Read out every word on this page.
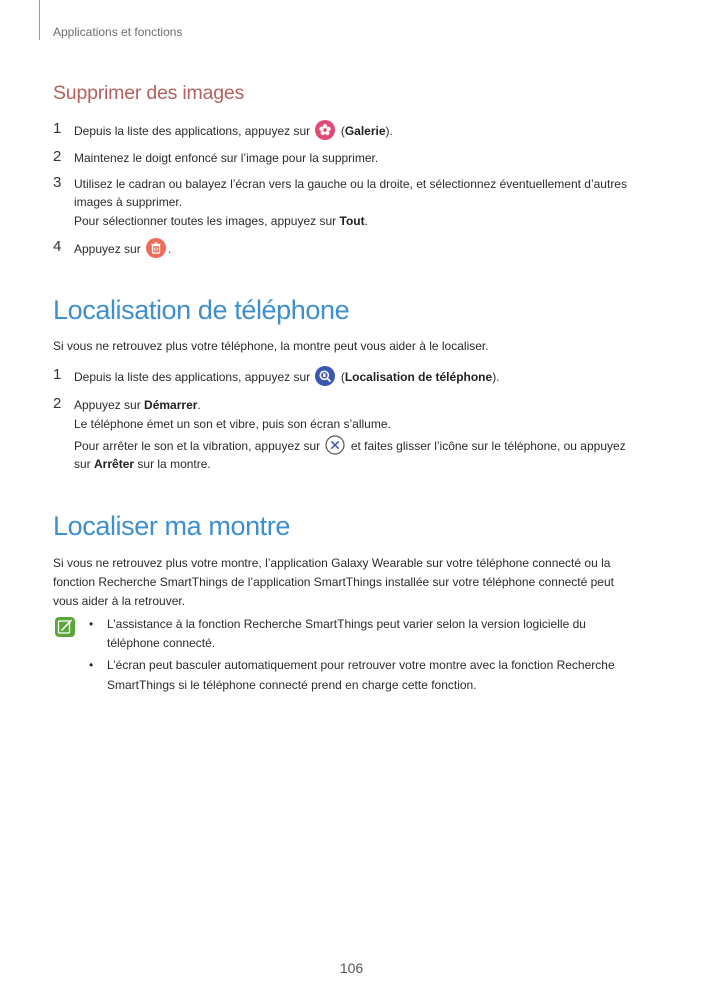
Applications et fonctions
Supprimer des images
1 Depuis la liste des applications, appuyez sur	(Galerie).
2 Maintenez le doigt enfoncé sur l’image pour la supprimer.
3 Utilisez le cadran ou balayez l’écran vers la gauche ou la droite, et sélectionnez éventuellement d’autres
images à supprimer.
Pour sélectionner toutes les images, appuyez sur Tout.
4 Appuyez sur .
Localisation de téléphone
Si vous ne retrouvez plus votre téléphone, la montre peut vous aider à le localiser.
1 Depuis la liste des applications, appuyez sur	(Localisation de téléphone).
2 Appuyez sur Démarrer.
Le téléphone émet un son et vibre, puis son écran s’allume.
Pour arrêter le son et la vibration, appuyez sur	et faites glisser l’icône sur le téléphone, ou appuyez
sur Arrêter sur la montre.
Localiser ma montre
Si vous ne retrouvez plus votre montre, l’application Galaxy Wearable sur votre téléphone connecté ou la
fonction Recherche SmartThings de l’application SmartThings installée sur votre téléphone connecté peut
vous aider à la retrouver.
• L’assistance à la fonction Recherche SmartThings peut varier selon la version logicielle du
téléphone connecté.
• L’écran peut basculer automatiquement pour retrouver votre montre avec la fonction Recherche
SmartThings si le téléphone connecté prend en charge cette fonction.
106
